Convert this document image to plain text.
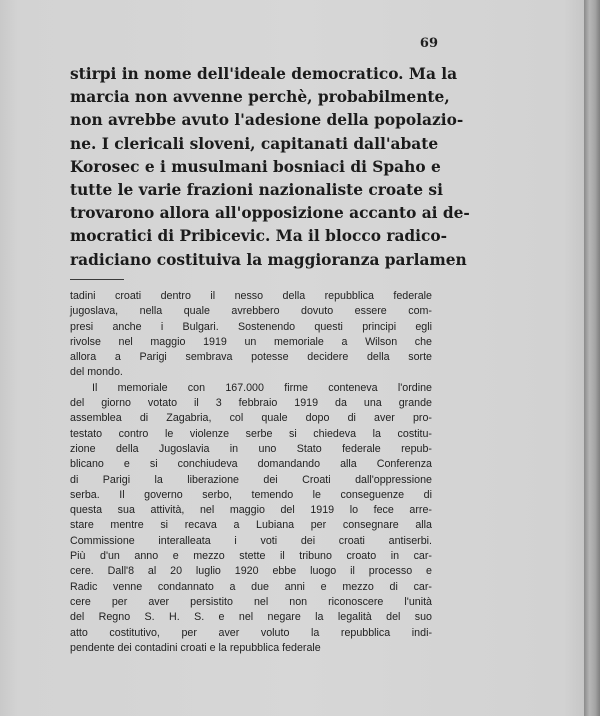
69
stirpi in nome dell'ideale democratico. Ma la
marcia non avvenne perchè, probabilmente,
non avrebbe avuto l'adesione della popolazio-
ne. I clericali sloveni, capitanati dall'abate
Korosec e i musulmani bosniaci di Spaho e
tutte le varie frazioni nazionaliste croate si
trovarono allora all'opposizione accanto ai de-
mocratici di Pribicevic. Ma il blocco radico-
radiciano costituiva la maggioranza parlamen

tadini croati dentro il nesso della repubblica federale
jugoslava, nella quale avrebbero dovuto essere com-
presi anche i Bulgari. Sostenendo questi principi egli
rivolse nel maggio 1919 un memoriale a Wilson che
allora a Parigi sembrava potesse decidere della sorte
del mondo.

Il memoriale con 167.000 firme conteneva l'ordine
del giorno votato il 3 febbraio 1919 da una grande
assemblea di Zagabria, col quale dopo di aver pro-
testato contro le violenze serbe si chiedeva la costitu-
zione della Jugoslavia in uno Stato federale repub-
blicano e si conchiudeva domandando alla Conferenza
di Parigi la liberazione dei Croati dall'oppressione
serba. Il governo serbo, temendo le conseguenze di
questa sua attività, nel maggio del 1919 lo fece arre-
stare mentre si recava a Lubiana per consegnare alla
Commissione interalleata i voti dei croati antiserbi.
Più d'un anno e mezzo stette il tribuno croato in car-
cere. Dall'8 al 20 luglio 1920 ebbe luogo il processo e
Radic venne condannato a due anni e mezzo di car-
cere per aver persistito nel non riconoscere l'unità
del Regno S. H. S. e nel negare la legalità del suo
atto costitutivo, per aver voluto la repubblica indi-
pendente dei contadini croati e la repubblica federale
